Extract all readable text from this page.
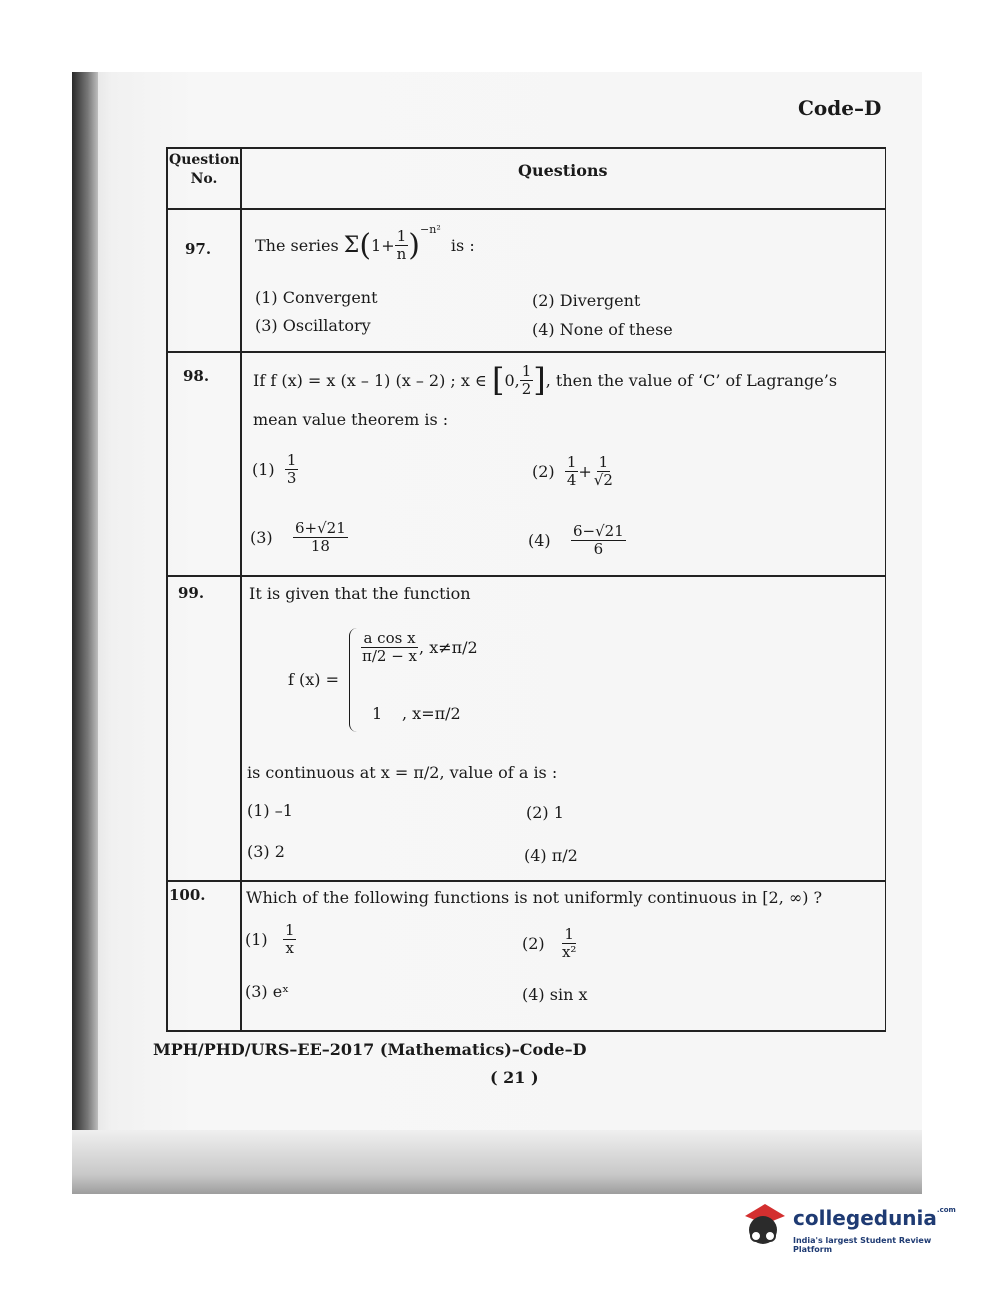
Code–D
Question
No.	Questions
97.	The series
Σ ( $1+ \frac{1}{n} )^{-n^2}$

is :
(1) Convergent	(2) Divergent
(3) Oscillatory	(4) None of these
98.	If f (x) = x (x – 1) (x – 2) ; x ∈
[ 0, $\frac{1}{2}$ ] , then the value of ‘C’ of Lagrange’s
mean value theorem is :
(1)
$\frac{1}{3}$	(2)
$\frac{1}{4} + \frac{1}{√2}$
(3)
$\frac{6+√21}{18}$	(4)
$\frac{6-√21}{6}$
99.	It is given that the function
f (x) =
$\frac{\text{a cos x}}{\pi/2 - x}$ , x≠π/2
1 , x=π/2
is continuous at x = π/2, value of a is :
(1) –1	(2) 1
(3) 2	(4) π/2
100.	Which of the following functions is not uniformly continuous in [2, ∞) ?
(1)
$\frac{1}{x}$	(2)
$\frac{1}{\text{x²}}$
(3) eˣ	(4) sin x
MPH/PHD/URS–EE–2017 (Mathematics)–Code–D
( 21 )
collegedunia$^{.com}$
India's largest Student Review Platform
